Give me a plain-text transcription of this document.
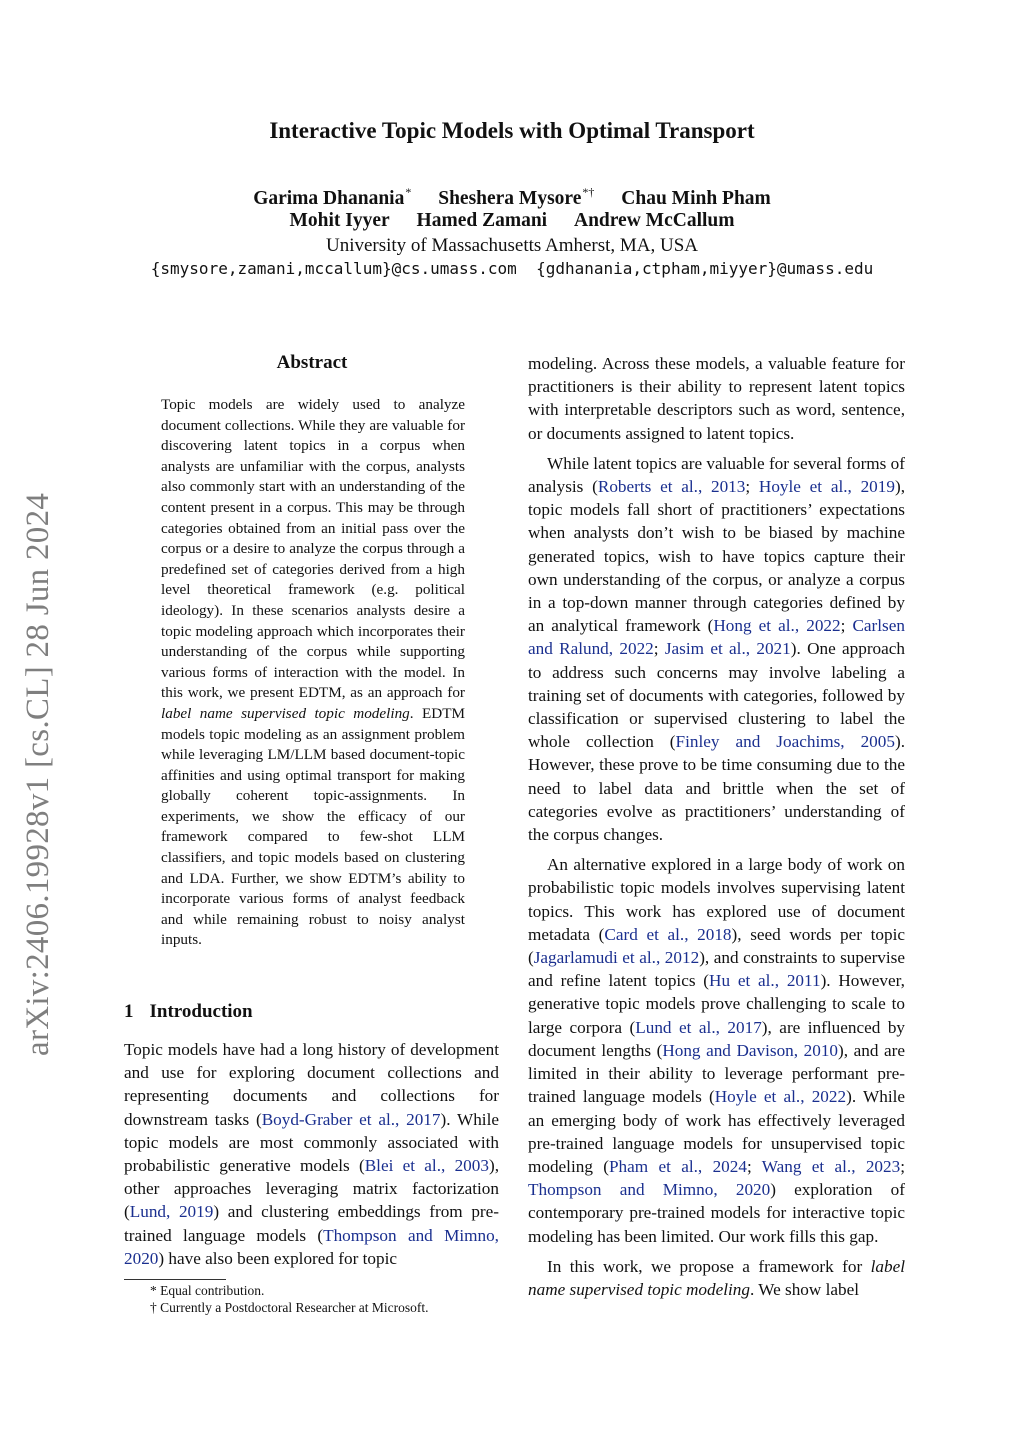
arXiv:2406.19928v1 [cs.CL] 28 Jun 2024
Interactive Topic Models with Optimal Transport
Garima Dhanania* Sheshera Mysore*† Chau Minh Pham
Mohit Iyyer Hamed Zamani Andrew McCallum
University of Massachusetts Amherst, MA, USA
{smysore,zamani,mccallum}@cs.umass.com  {gdhanania,ctpham,miyyer}@umass.edu
Abstract
Topic models are widely used to analyze document collections. While they are valuable for discovering latent topics in a corpus when analysts are unfamiliar with the corpus, analysts also commonly start with an understanding of the content present in a corpus. This may be through categories obtained from an initial pass over the corpus or a desire to analyze the corpus through a predefined set of categories derived from a high level theoretical framework (e.g. political ideology). In these scenarios analysts desire a topic modeling approach which incorporates their understanding of the corpus while supporting various forms of interaction with the model. In this work, we present EDTM, as an approach for label name supervised topic modeling. EDTM models topic modeling as an assignment problem while leveraging LM/LLM based document-topic affinities and using optimal transport for making globally coherent topic-assignments. In experiments, we show the efficacy of our framework compared to few-shot LLM classifiers, and topic models based on clustering and LDA. Further, we show EDTM’s ability to incorporate various forms of analyst feedback and while remaining robust to noisy analyst inputs.
1 Introduction
Topic models have had a long history of development and use for exploring document collections and representing documents and collections for downstream tasks (Boyd-Graber et al., 2017). While topic models are most commonly associated with probabilistic generative models (Blei et al., 2003), other approaches leveraging matrix factorization (Lund, 2019) and clustering embeddings from pre-trained language models (Thompson and Mimno, 2020) have also been explored for topic

modeling. Across these models, a valuable feature for practitioners is their ability to represent latent topics with interpretable descriptors such as word, sentence, or documents assigned to latent topics.

While latent topics are valuable for several forms of analysis (Roberts et al., 2013; Hoyle et al., 2019), topic models fall short of practitioners’ expectations when analysts don’t wish to be biased by machine generated topics, wish to have topics capture their own understanding of the corpus, or analyze a corpus in a top-down manner through categories defined by an analytical framework (Hong et al., 2022; Carlsen and Ralund, 2022; Jasim et al., 2021). One approach to address such concerns may involve labeling a training set of documents with categories, followed by classification or supervised clustering to label the whole collection (Finley and Joachims, 2005). However, these prove to be time consuming due to the need to label data and brittle when the set of categories evolve as practitioners’ understanding of the corpus changes.

An alternative explored in a large body of work on probabilistic topic models involves supervising latent topics. This work has explored use of document metadata (Card et al., 2018), seed words per topic (Jagarlamudi et al., 2012), and constraints to supervise and refine latent topics (Hu et al., 2011). However, generative topic models prove challenging to scale to large corpora (Lund et al., 2017), are influenced by document lengths (Hong and Davison, 2010), and are limited in their ability to leverage performant pre-trained language models (Hoyle et al., 2022). While an emerging body of work has effectively leveraged pre-trained language models for unsupervised topic modeling (Pham et al., 2024; Wang et al., 2023; Thompson and Mimno, 2020) exploration of contemporary pre-trained models for interactive topic modeling has been limited. Our work fills this gap.

In this work, we propose a framework for label name supervised topic modeling. We show label

* Equal contribution.
† Currently a Postdoctoral Researcher at Microsoft.
